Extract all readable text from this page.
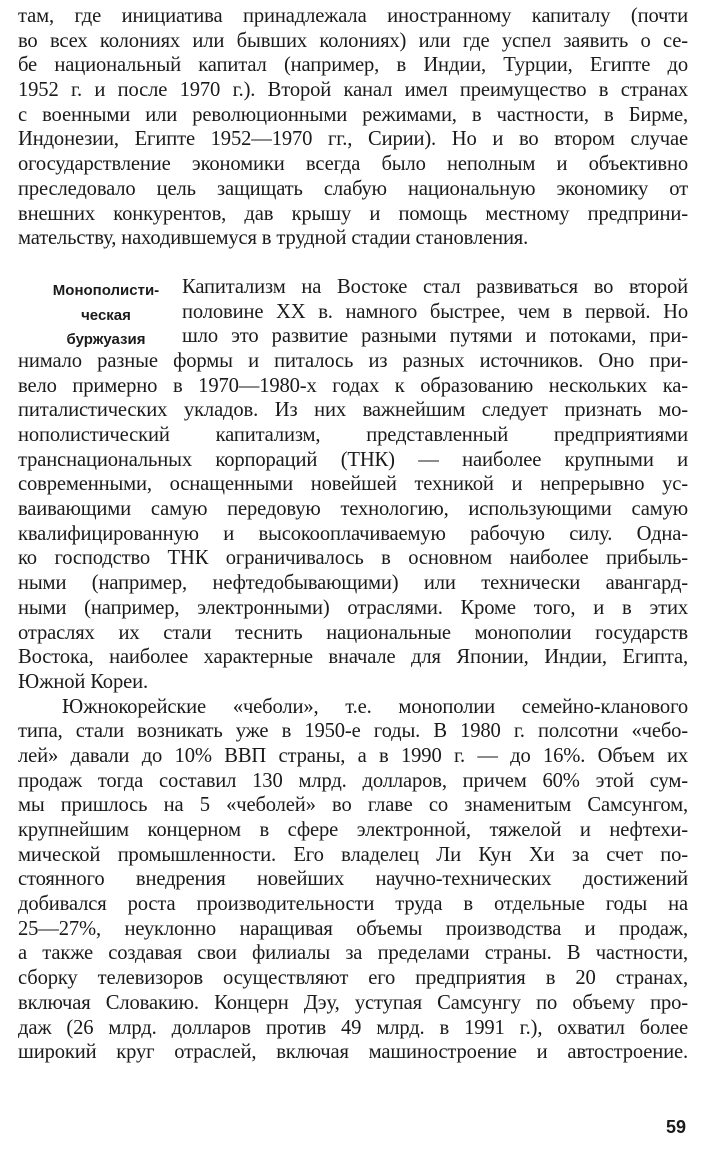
там, где инициатива принадлежала иностранному капиталу (почти
во всех колониях или бывших колониях) или где успел заявить о се-
бе национальный капитал (например, в Индии, Турции, Египте до
1952 г. и после 1970 г.). Второй канал имел преимущество в странах
с военными или революционными режимами, в частности, в Бирме,
Индонезии, Египте 1952—1970 гг., Сирии). Но и во втором случае
огосударствление экономики всегда было неполным и объективно
преследовало цель защищать слабую национальную экономику от
внешних конкурентов, дав крышу и помощь местному предприни-
мательству, находившемуся в трудной стадии становления.
Монополисти-
ческая
буржуазия
Капитализм на Востоке стал развиваться во второй
половине XX в. намного быстрее, чем в первой. Но
шло это развитие разными путями и потоками, при-
нимало разные формы и питалось из разных источников. Оно при-
вело примерно в 1970—1980-х годах к образованию нескольких ка-
питалистических укладов. Из них важнейшим следует признать мо-
нополистический капитализм, представленный предприятиями
транснациональных корпораций (ТНК) — наиболее крупными и
современными, оснащенными новейшей техникой и непрерывно ус-
ваивающими самую передовую технологию, использующими самую
квалифицированную и высокооплачиваемую рабочую силу. Одна-
ко господство ТНК ограничивалось в основном наиболее прибыль-
ными (например, нефтедобывающими) или технически авангард-
ными (например, электронными) отраслями. Кроме того, и в этих
отраслях их стали теснить национальные монополии государств
Востока, наиболее характерные вначале для Японии, Индии, Египта,
Южной Кореи.
Южнокорейские «чеболи», т.е. монополии семейно-кланового
типа, стали возникать уже в 1950-е годы. В 1980 г. полсотни «чебо-
лей» давали до 10% ВВП страны, а в 1990 г. — до 16%. Объем их
продаж тогда составил 130 млрд. долларов, причем 60% этой сум-
мы пришлось на 5 «чеболей» во главе со знаменитым Самсунгом,
крупнейшим концерном в сфере электронной, тяжелой и нефтехи-
мической промышленности. Его владелец Ли Кун Хи за счет по-
стоянного внедрения новейших научно-технических достижений
добивался роста производительности труда в отдельные годы на
25—27%, неуклонно наращивая объемы производства и продаж,
а также создавая свои филиалы за пределами страны. В частности,
сборку телевизоров осуществляют его предприятия в 20 странах,
включая Словакию. Концерн Дэу, уступая Самсунгу по объему про-
даж (26 млрд. долларов против 49 млрд. в 1991 г.), охватил более
широкий круг отраслей, включая машиностроение и автостроение.
59
